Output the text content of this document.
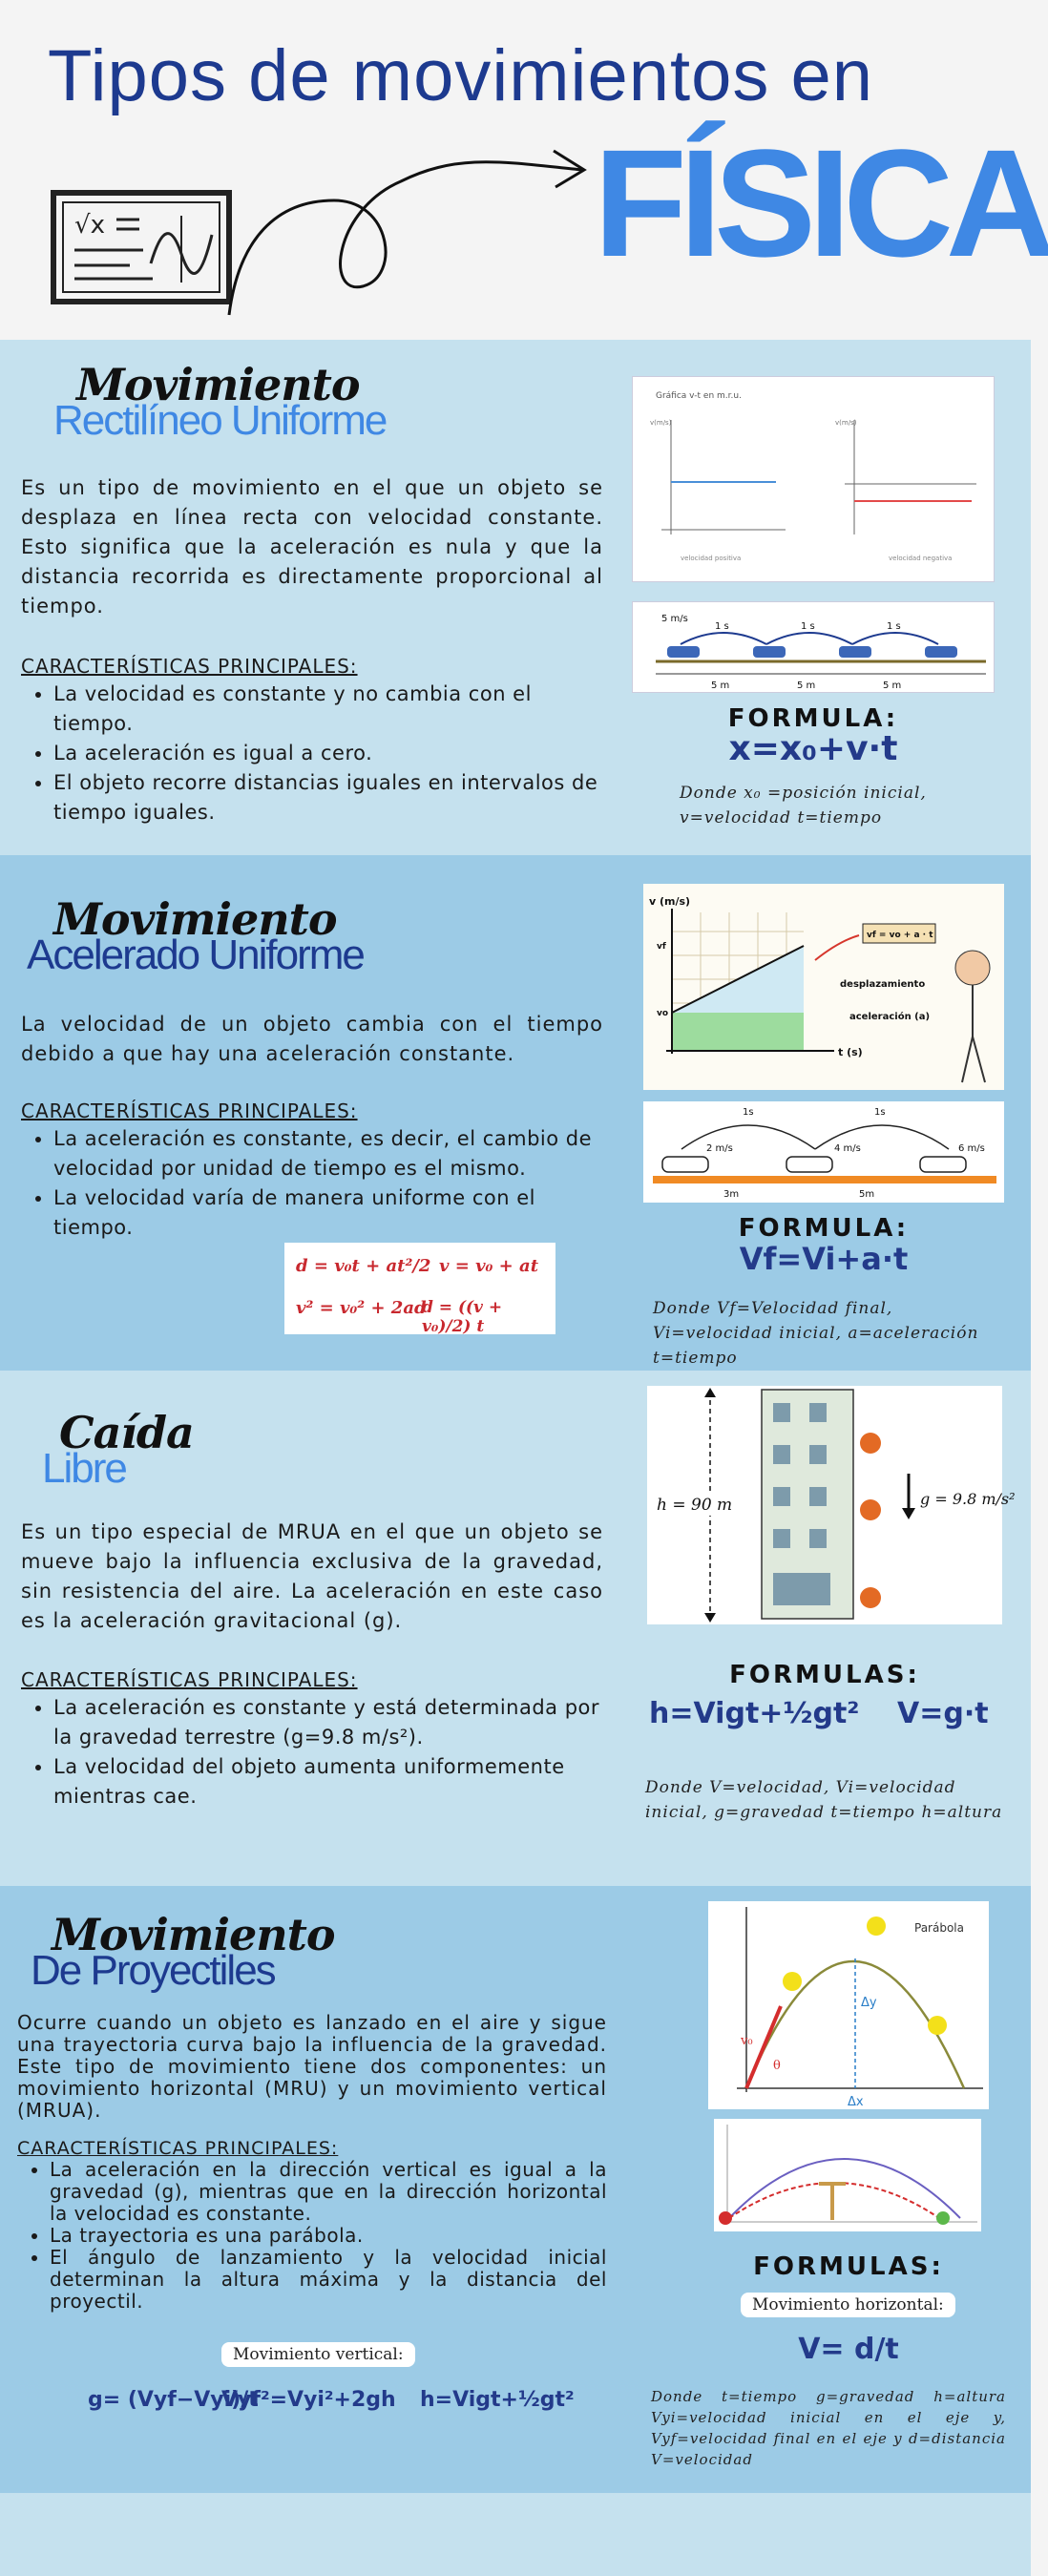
Tipos de movimientos en
FÍSICA
√x
Movimiento
Rectilíneo Uniforme
Es un tipo de movimiento en el que un objeto se desplaza en línea recta con velocidad constante. Esto significa que la aceleración es nula y que la distancia recorrida es directamente proporcional al tiempo.
CARACTERÍSTICAS PRINCIPALES:
• La velocidad es constante y no cambia con el tiempo.
• La aceleración es igual a cero.
• El objeto recorre distancias iguales en intervalos de tiempo iguales.
Gráfica v-t en m.r.u.
v(m/s)
velocidad positiva
v(m/s)
velocidad negativa
5 m/s
1 s	1 s	1 s
5 m	5 m	5 m
FORMULA:
x=x₀+v·t
Donde x₀ =posición inicial, v=velocidad t=tiempo
Movimiento
Acelerado Uniforme
La velocidad de un objeto cambia con el tiempo debido a que hay una aceleración constante.
CARACTERÍSTICAS PRINCIPALES:
• La aceleración es constante, es decir, el cambio de velocidad por unidad de tiempo es el mismo.
• La velocidad varía de manera uniforme con el tiempo.
d = v₀t + at²/2 v = v₀ + at
v² = v₀² + 2ad
d = ((v + v₀)/2) t
v (m/s)
vf
vo
t (s)
vf = vo + a · t
desplazamiento
aceleración (a)
1s	1s
2 m/s	4 m/s	6 m/s
3m	5m
FORMULA:
Vf=Vi+a·t
Donde Vf=Velocidad final, Vi=velocidad inicial, a=aceleración t=tiempo
Caída
Libre
Es un tipo especial de MRUA en el que un objeto se mueve bajo la influencia exclusiva de la gravedad, sin resistencia del aire. La aceleración en este caso es la aceleración gravitacional (g).
CARACTERÍSTICAS PRINCIPALES:
• La aceleración es constante y está determinada por la gravedad terrestre (g=9.8 m/s²).
• La velocidad del objeto aumenta uniformemente mientras cae.
h = 90 m	g = 9.8 m/s²
FORMULAS:
h=Vigt+½gt² V=g·t
Donde V=velocidad, Vi=velocidad inicial, g=gravedad t=tiempo h=altura
Movimiento
De Proyectiles
Ocurre cuando un objeto es lanzado en el aire y sigue una trayectoria curva bajo la influencia de la gravedad. Este tipo de movimiento tiene dos componentes: un movimiento horizontal (MRU) y un movimiento vertical (MRUA).
CARACTERÍSTICAS PRINCIPALES:
• La aceleración en la dirección vertical es igual a la gravedad (g), mientras que en la dirección horizontal la velocidad es constante.
• La trayectoria es una parábola.
• El ángulo de lanzamiento y la velocidad inicial determinan la altura máxima y la distancia del proyectil.
Movimiento vertical:
g= (Vyf−Vyi)/t
Vyf²=Vyi²+2gh h=Vigt+½gt²
Parábola
Δy
Δx
v₀
θ
FORMULAS:
Movimiento horizontal:
V= d/t
Donde t=tiempo g=gravedad h=altura Vyi=velocidad inicial en el eje y, Vyf=velocidad final en el eje y d=distancia V=velocidad
